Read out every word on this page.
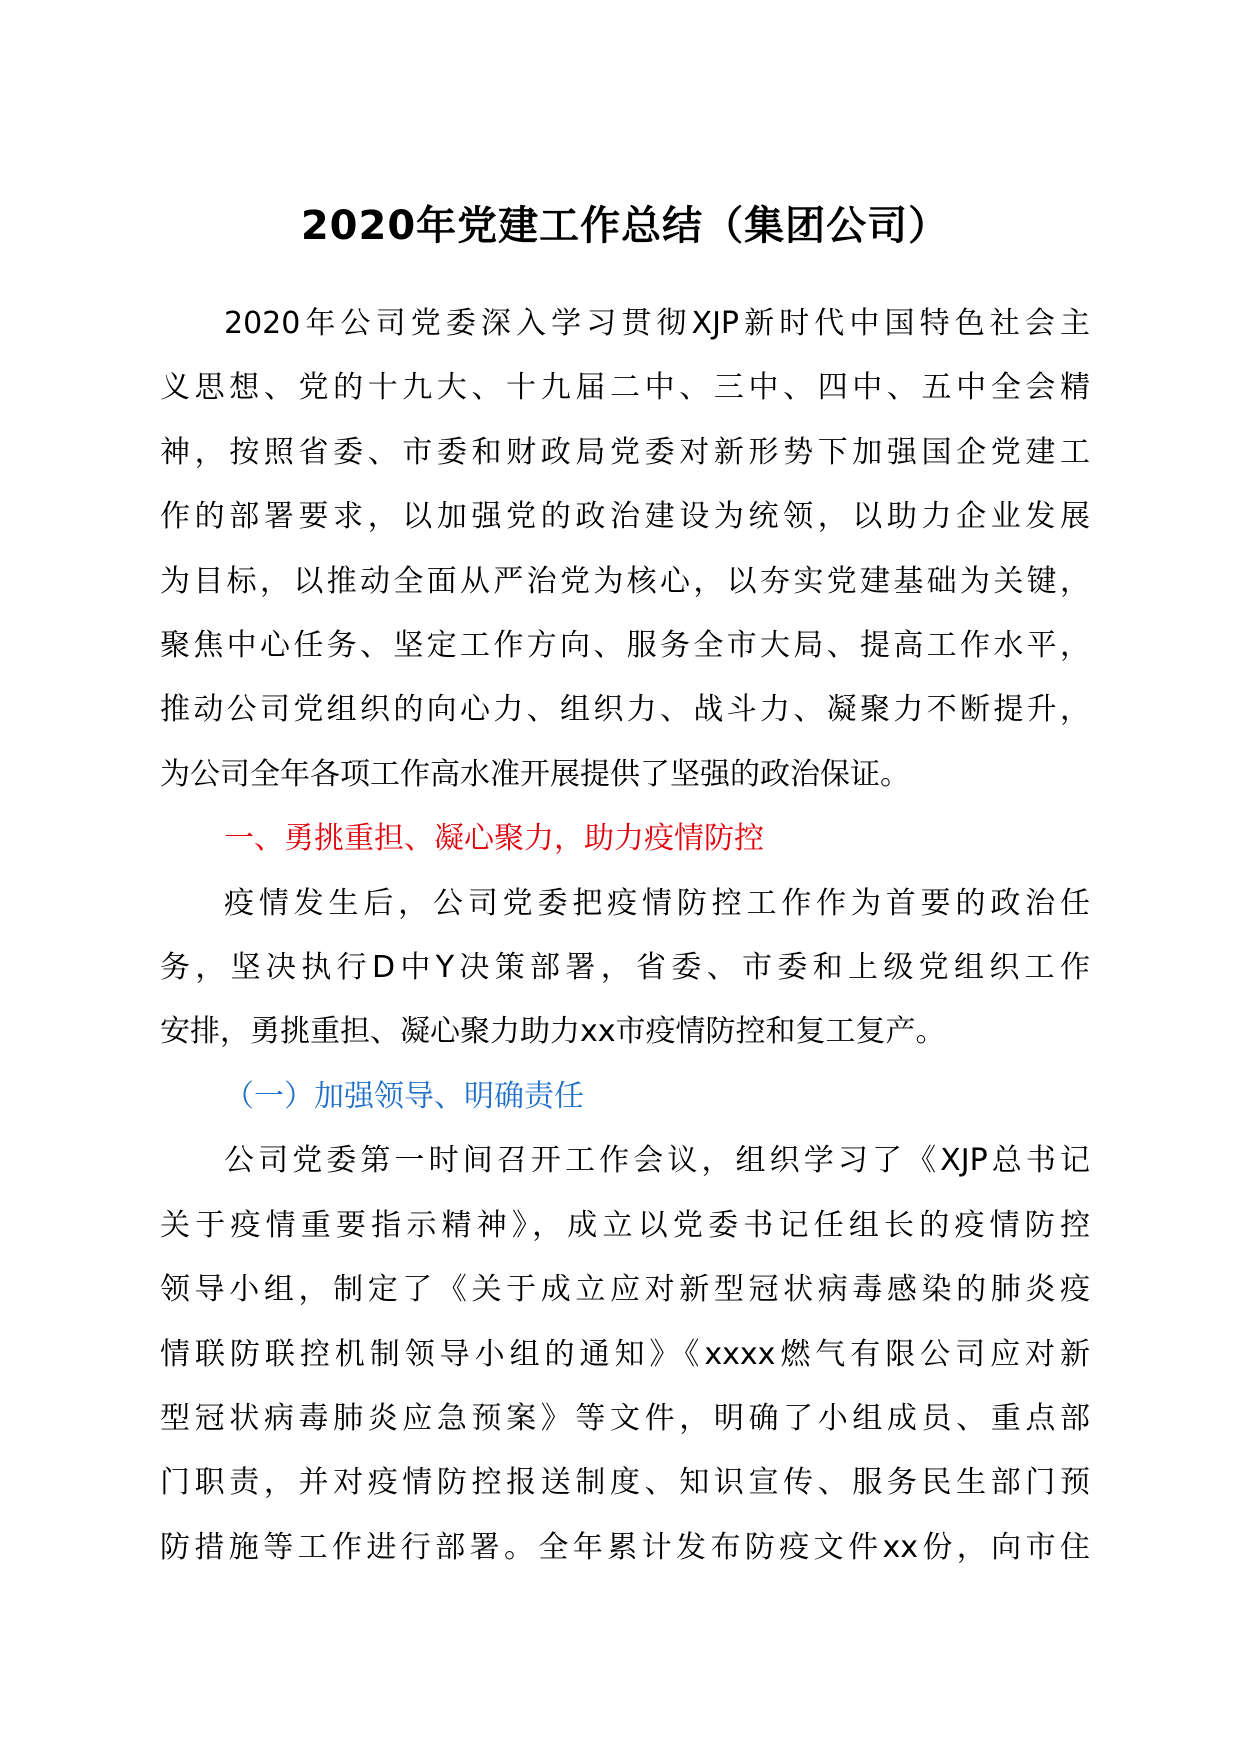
2020年党建工作总结（集团公司）
2020年公司党委深入学习贯彻XJP新时代中国特色社会主
义思想、党的十九大、十九届二中、三中、四中、五中全会精
神，按照省委、市委和财政局党委对新形势下加强国企党建工
作的部署要求，以加强党的政治建设为统领，以助力企业发展
为目标，以推动全面从严治党为核心，以夯实党建基础为关键，
聚焦中心任务、坚定工作方向、服务全市大局、提高工作水平，
推动公司党组织的向心力、组织力、战斗力、凝聚力不断提升，
为公司全年各项工作高水准开展提供了坚强的政治保证。
一、勇挑重担、凝心聚力，助力疫情防控
疫情发生后，公司党委把疫情防控工作作为首要的政治任
务，坚决执行D中Y决策部署，省委、市委和上级党组织工作
安排，勇挑重担、凝心聚力助力xx市疫情防控和复工复产。
（一）加强领导、明确责任
公司党委第一时间召开工作会议，组织学习了《XJP总书记
关于疫情重要指示精神》，成立以党委书记任组长的疫情防控
领导小组，制定了《关于成立应对新型冠状病毒感染的肺炎疫
情联防联控机制领导小组的通知》《xxxx燃气有限公司应对新
型冠状病毒肺炎应急预案》等文件，明确了小组成员、重点部
门职责，并对疫情防控报送制度、知识宣传、服务民生部门预
防措施等工作进行部署。全年累计发布防疫文件xx份，向市住
